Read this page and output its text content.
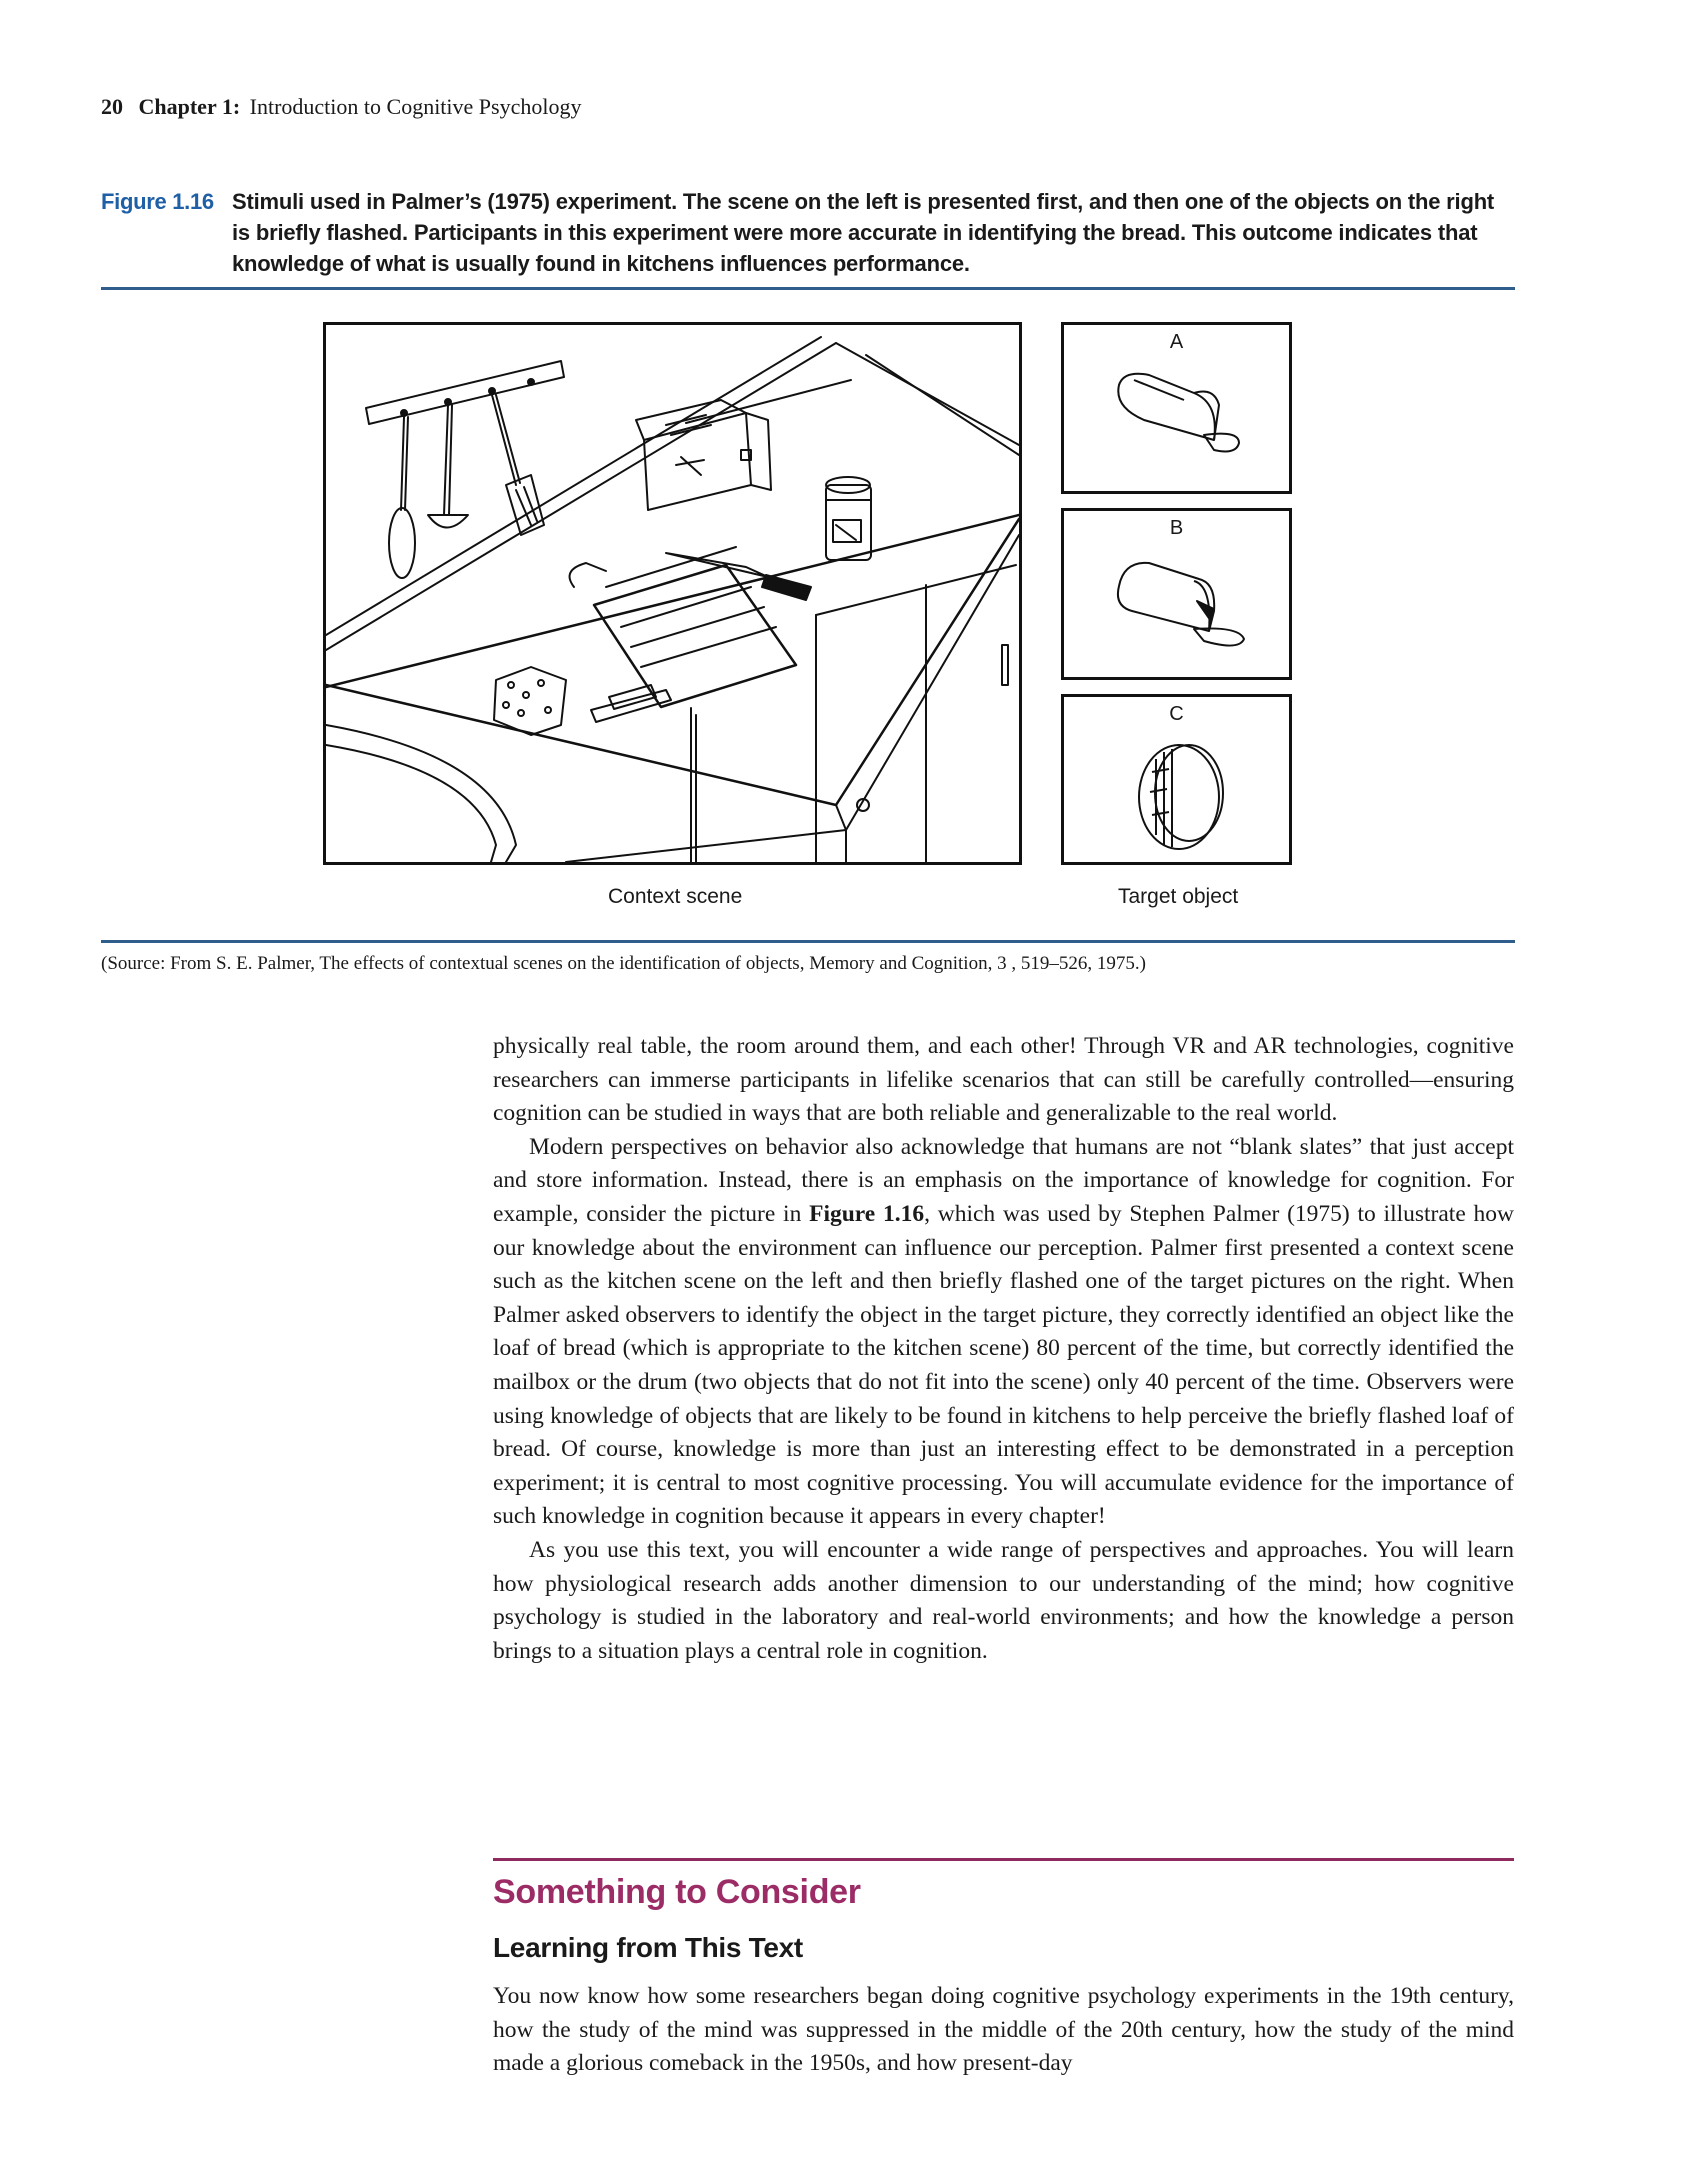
20 Chapter 1: Introduction to Cognitive Psychology
Figure 1.16 Stimuli used in Palmer’s (1975) experiment. The scene on the left is presented first, and then one of the objects on the right is briefly flashed. Participants in this experiment were more accurate in identifying the bread. This outcome indicates that knowledge of what is usually found in kitchens influences performance.
A
B
C
Context scene	Target object
(Source: From S. E. Palmer, The effects of contextual scenes on the identification of objects, Memory and Cognition, 3 , 519–526, 1975.)

physically real table, the room around them, and each other! Through VR and AR technologies, cognitive researchers can immerse participants in lifelike scenarios that can still be carefully controlled—ensuring cognition can be studied in ways that are both reliable and generalizable to the real world.

Modern perspectives on behavior also acknowledge that humans are not “blank slates” that just accept and store information. Instead, there is an emphasis on the importance of knowledge for cognition. For example, consider the picture in Figure 1.16, which was used by Stephen Palmer (1975) to illustrate how our knowledge about the environment can influence our perception. Palmer first presented a context scene such as the kitchen scene on the left and then briefly flashed one of the target pictures on the right. When Palmer asked observers to identify the object in the target picture, they correctly identified an object like the loaf of bread (which is appropriate to the kitchen scene) 80 percent of the time, but correctly identified the mailbox or the drum (two objects that do not fit into the scene) only 40 percent of the time. Observers were using knowledge of objects that are likely to be found in kitchens to help perceive the briefly flashed loaf of bread. Of course, knowledge is more than just an interesting effect to be demonstrated in a perception experiment; it is central to most cognitive processing. You will accumulate evidence for the importance of such knowledge in cognition because it appears in every chapter!

As you use this text, you will encounter a wide range of perspectives and approaches. You will learn how physiological research adds another dimension to our understanding of the mind; how cognitive psychology is studied in the laboratory and real-world environments; and how the knowledge a person brings to a situation plays a central role in cognition.

Something to Consider
Learning from This Text
You now know how some researchers began doing cognitive psychology experiments in the 19th century, how the study of the mind was suppressed in the middle of the 20th century, how the study of the mind made a glorious comeback in the 1950s, and how present-day
